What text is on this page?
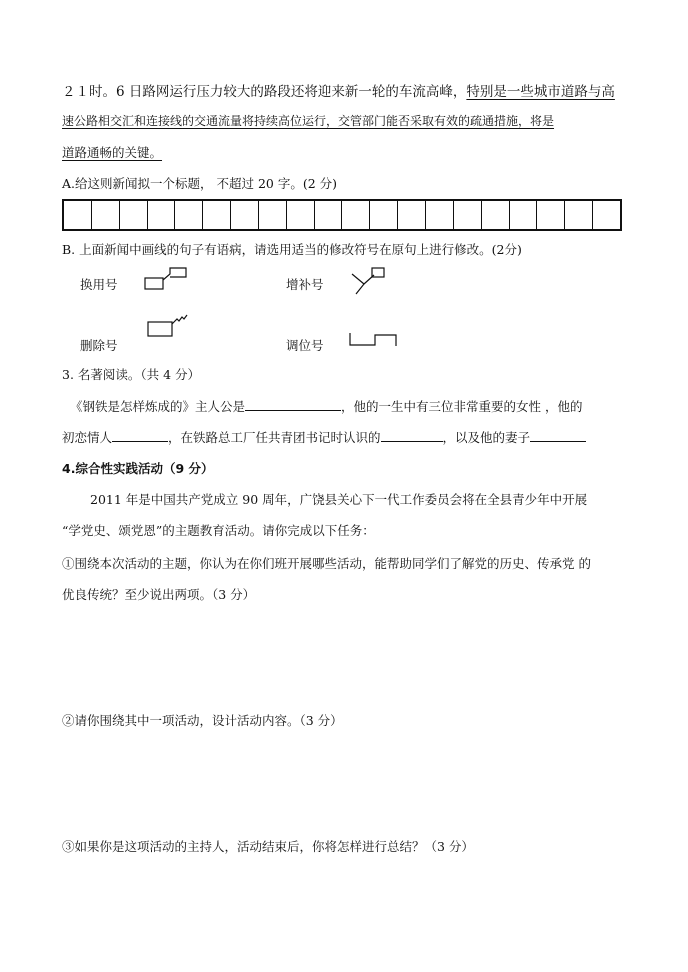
２１时。6 日路网运行压力较大的路段还将迎来新一轮的车流高峰，特别是一些城市道路与高
速公路相交汇和连接线的交通流量将持续高位运行，交管部门能否采取有效的疏通措施，将是
道路通畅的关键。
A.给这则新闻拟一个标题， 不超过 20 字。(2 分)
B. 上面新闻中画线的句子有语病，请选用适当的修改符号在原句上进行修改。(2分)
换用号	增补号
删除号	调位号
3. 名著阅读。（共 4 分）
《钢铁是怎样炼成的》主人公是	，他的一生中有三位非常重要的女性 ，他的
初恋情人	，在铁路总工厂任共青团书记时认识的	，以及他的妻子
4.综合性实践活动（9 分）
2011 年是中国共产党成立 90 周年，广饶县关心下一代工作委员会将在全县青少年中开展
“学党史、颂党恩”的主题教育活动。请你完成以下任务：
①围绕本次活动的主题，你认为在你们班开展哪些活动，能帮助同学们了解党的历史、传承党 的
优良传统？至少说出两项。（3 分）
②请你围绕其中一项活动，设计活动内容。（3 分）
③如果你是这项活动的主持人，活动结束后，你将怎样进行总结？（3 分）
